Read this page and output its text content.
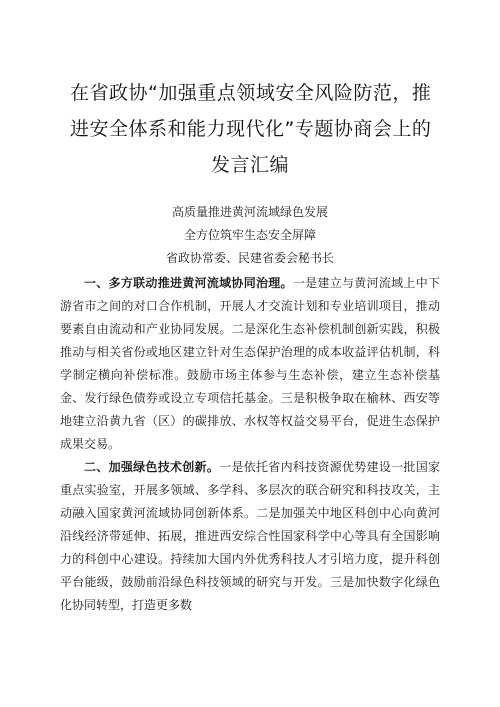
在省政协“加强重点领域安全风险防范，推
进安全体系和能力现代化”专题协商会上的
发言汇编
高质量推进黄河流域绿色发展
全方位筑牢生态安全屏障
省政协常委、民建省委会秘书长

一、多方联动推进黄河流域协同治理。一是建立与黄河流域上中下游省市之间的对口合作机制，开展人才交流计划和专业培训项目，推动要素自由流动和产业协同发展。二是深化生态补偿机制创新实践，积极推动与相关省份或地区建立针对生态保护治理的成本收益评估机制，科学制定横向补偿标准。鼓励市场主体参与生态补偿，建立生态补偿基金、发行绿色债券或设立专项信托基金。三是积极争取在榆林、西安等地建立沿黄九省（区）的碳排放、水权等权益交易平台，促进生态保护成果交易。

二、加强绿色技术创新。一是依托省内科技资源优势建设一批国家重点实验室，开展多领域、多学科、多层次的联合研究和科技攻关，主动融入国家黄河流域协同创新体系。二是加强关中地区科创中心向黄河沿线经济带延伸、拓展，推进西安综合性国家科学中心等具有全国影响力的科创中心建设。持续加大国内外优秀科技人才引培力度，提升科创平台能级，鼓励前沿绿色科技领域的研究与开发。三是加快数字化绿色化协同转型，打造更多数
